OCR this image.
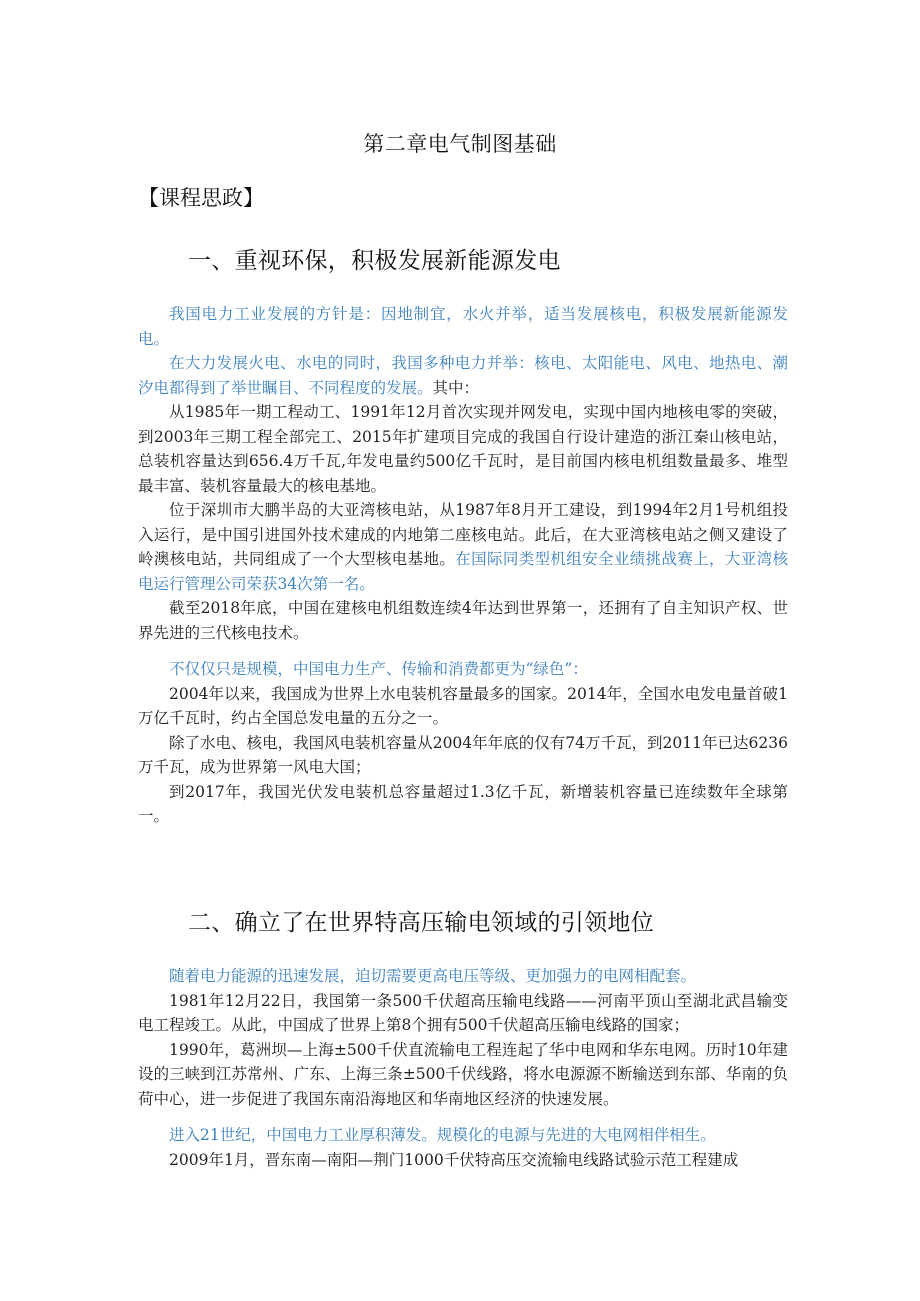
第二章电气制图基础
【课程思政】
一、重视环保，积极发展新能源发电

我国电力工业发展的方针是：因地制宜，水火并举，适当发展核电，积极发展新能源发电。

在大力发展火电、水电的同时，我国多种电力并举：核电、太阳能电、风电、地热电、潮汐电都得到了举世瞩目、不同程度的发展。其中：

从1985年一期工程动工、1991年12月首次实现并网发电，实现中国内地核电零的突破，到2003年三期工程全部完工、2015年扩建项目完成的我国自行设计建造的浙江秦山核电站，总装机容量达到656.4万千瓦,年发电量约500亿千瓦时，是目前国内核电机组数量最多、堆型最丰富、装机容量最大的核电基地。

位于深圳市大鹏半岛的大亚湾核电站，从1987年8月开工建设，到1994年2月1号机组投入运行，是中国引进国外技术建成的内地第二座核电站。此后，在大亚湾核电站之侧又建设了岭澳核电站，共同组成了一个大型核电基地。在国际同类型机组安全业绩挑战赛上，大亚湾核电运行管理公司荣获34次第一名。

截至2018年底，中国在建核电机组数连续4年达到世界第一，还拥有了自主知识产权、世界先进的三代核电技术。

不仅仅只是规模，中国电力生产、传输和消费都更为“绿色”：

2004年以来，我国成为世界上水电装机容量最多的国家。2014年，全国水电发电量首破1万亿千瓦时，约占全国总发电量的五分之一。

除了水电、核电，我国风电装机容量从2004年年底的仅有74万千瓦，到2011年已达6236万千瓦，成为世界第一风电大国；

到2017年，我国光伏发电装机总容量超过1.3亿千瓦，新增装机容量已连续数年全球第一。

二、确立了在世界特高压输电领域的引领地位

随着电力能源的迅速发展，迫切需要更高电压等级、更加强力的电网相配套。

1981年12月22日，我国第一条500千伏超高压输电线路——河南平顶山至湖北武昌输变电工程竣工。从此，中国成了世界上第8个拥有500千伏超高压输电线路的国家；

1990年，葛洲坝—上海±500千伏直流输电工程连起了华中电网和华东电网。历时10年建设的三峡到江苏常州、广东、上海三条±500千伏线路，将水电源源不断输送到东部、华南的负荷中心，进一步促进了我国东南沿海地区和华南地区经济的快速发展。

进入21世纪，中国电力工业厚积薄发。规模化的电源与先进的大电网相伴相生。

2009年1月，晋东南—南阳—荆门1000千伏特高压交流输电线路试验示范工程建成
